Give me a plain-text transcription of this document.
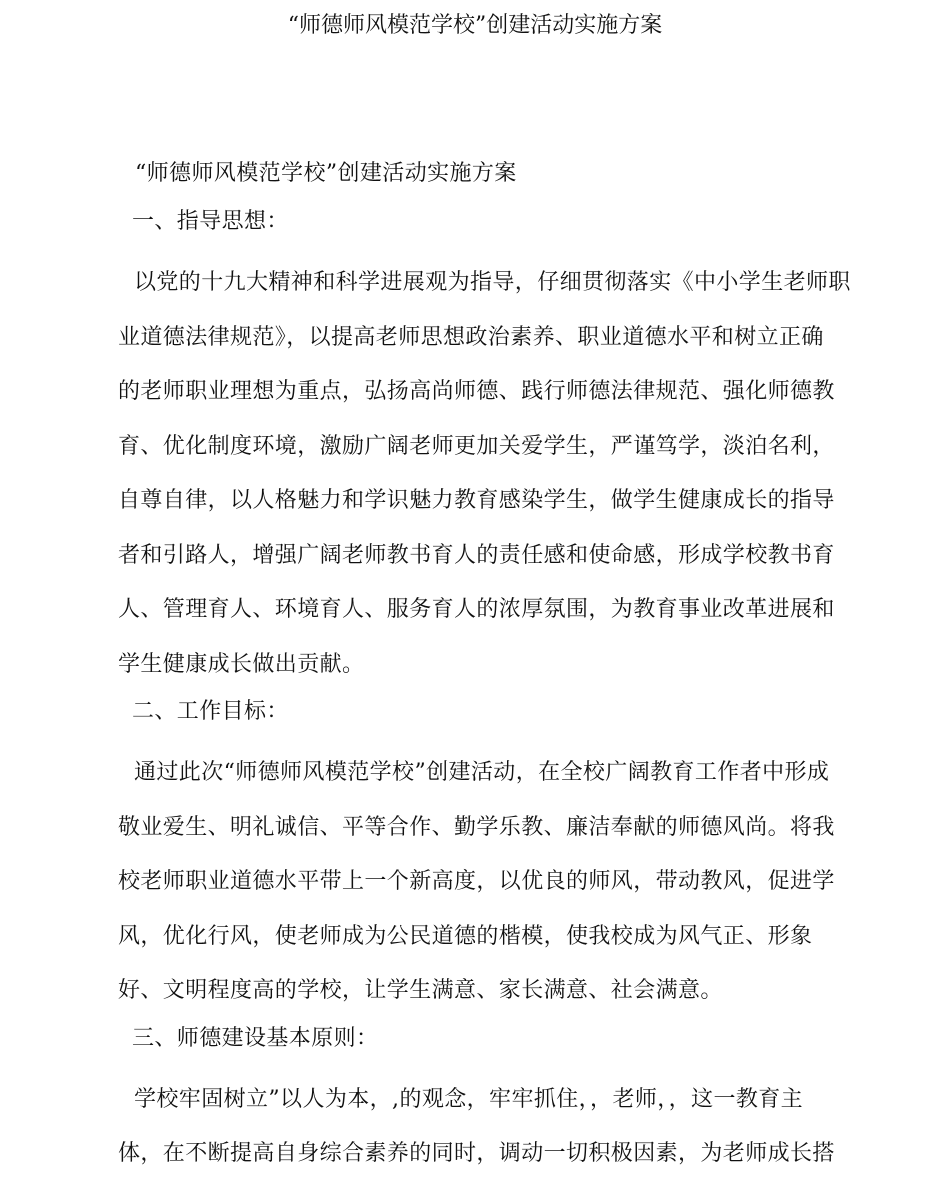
“师德师风模范学校”创建活动实施方案

“师德师风模范学校”创建活动实施方案

一、指导思想：

以党的十九大精神和科学进展观为指导，仔细贯彻落实《中小学生老师职
业道德法律规范》，以提高老师思想政治素养、职业道德水平和树立正确
的老师职业理想为重点，弘扬高尚师德、践行师德法律规范、强化师德教
育、优化制度环境，激励广阔老师更加关爱学生，严谨笃学，淡泊名利，
自尊自律，以人格魅力和学识魅力教育感染学生，做学生健康成长的指导
者和引路人，增强广阔老师教书育人的责任感和使命感，形成学校教书育
人、管理育人、环境育人、服务育人的浓厚氛围，为教育事业改革进展和
学生健康成长做出贡献。

二、工作目标：

通过此次“师德师风模范学校”创建活动，在全校广阔教育工作者中形成
敬业爱生、明礼诚信、平等合作、勤学乐教、廉洁奉献的师德风尚。将我
校老师职业道德水平带上一个新高度，以优良的师风，带动教风，促进学
风，优化行风，使老师成为公民道德的楷模，使我校成为风气正、形象
好、文明程度高的学校，让学生满意、家长满意、社会满意。

三、师德建设基本原则：

学校牢固树立”以人为本，,的观念，牢牢抓住，，老师，，这一教育主
体，在不断提高自身综合素养的同时，调动一切积极因素，为老师成长搭
